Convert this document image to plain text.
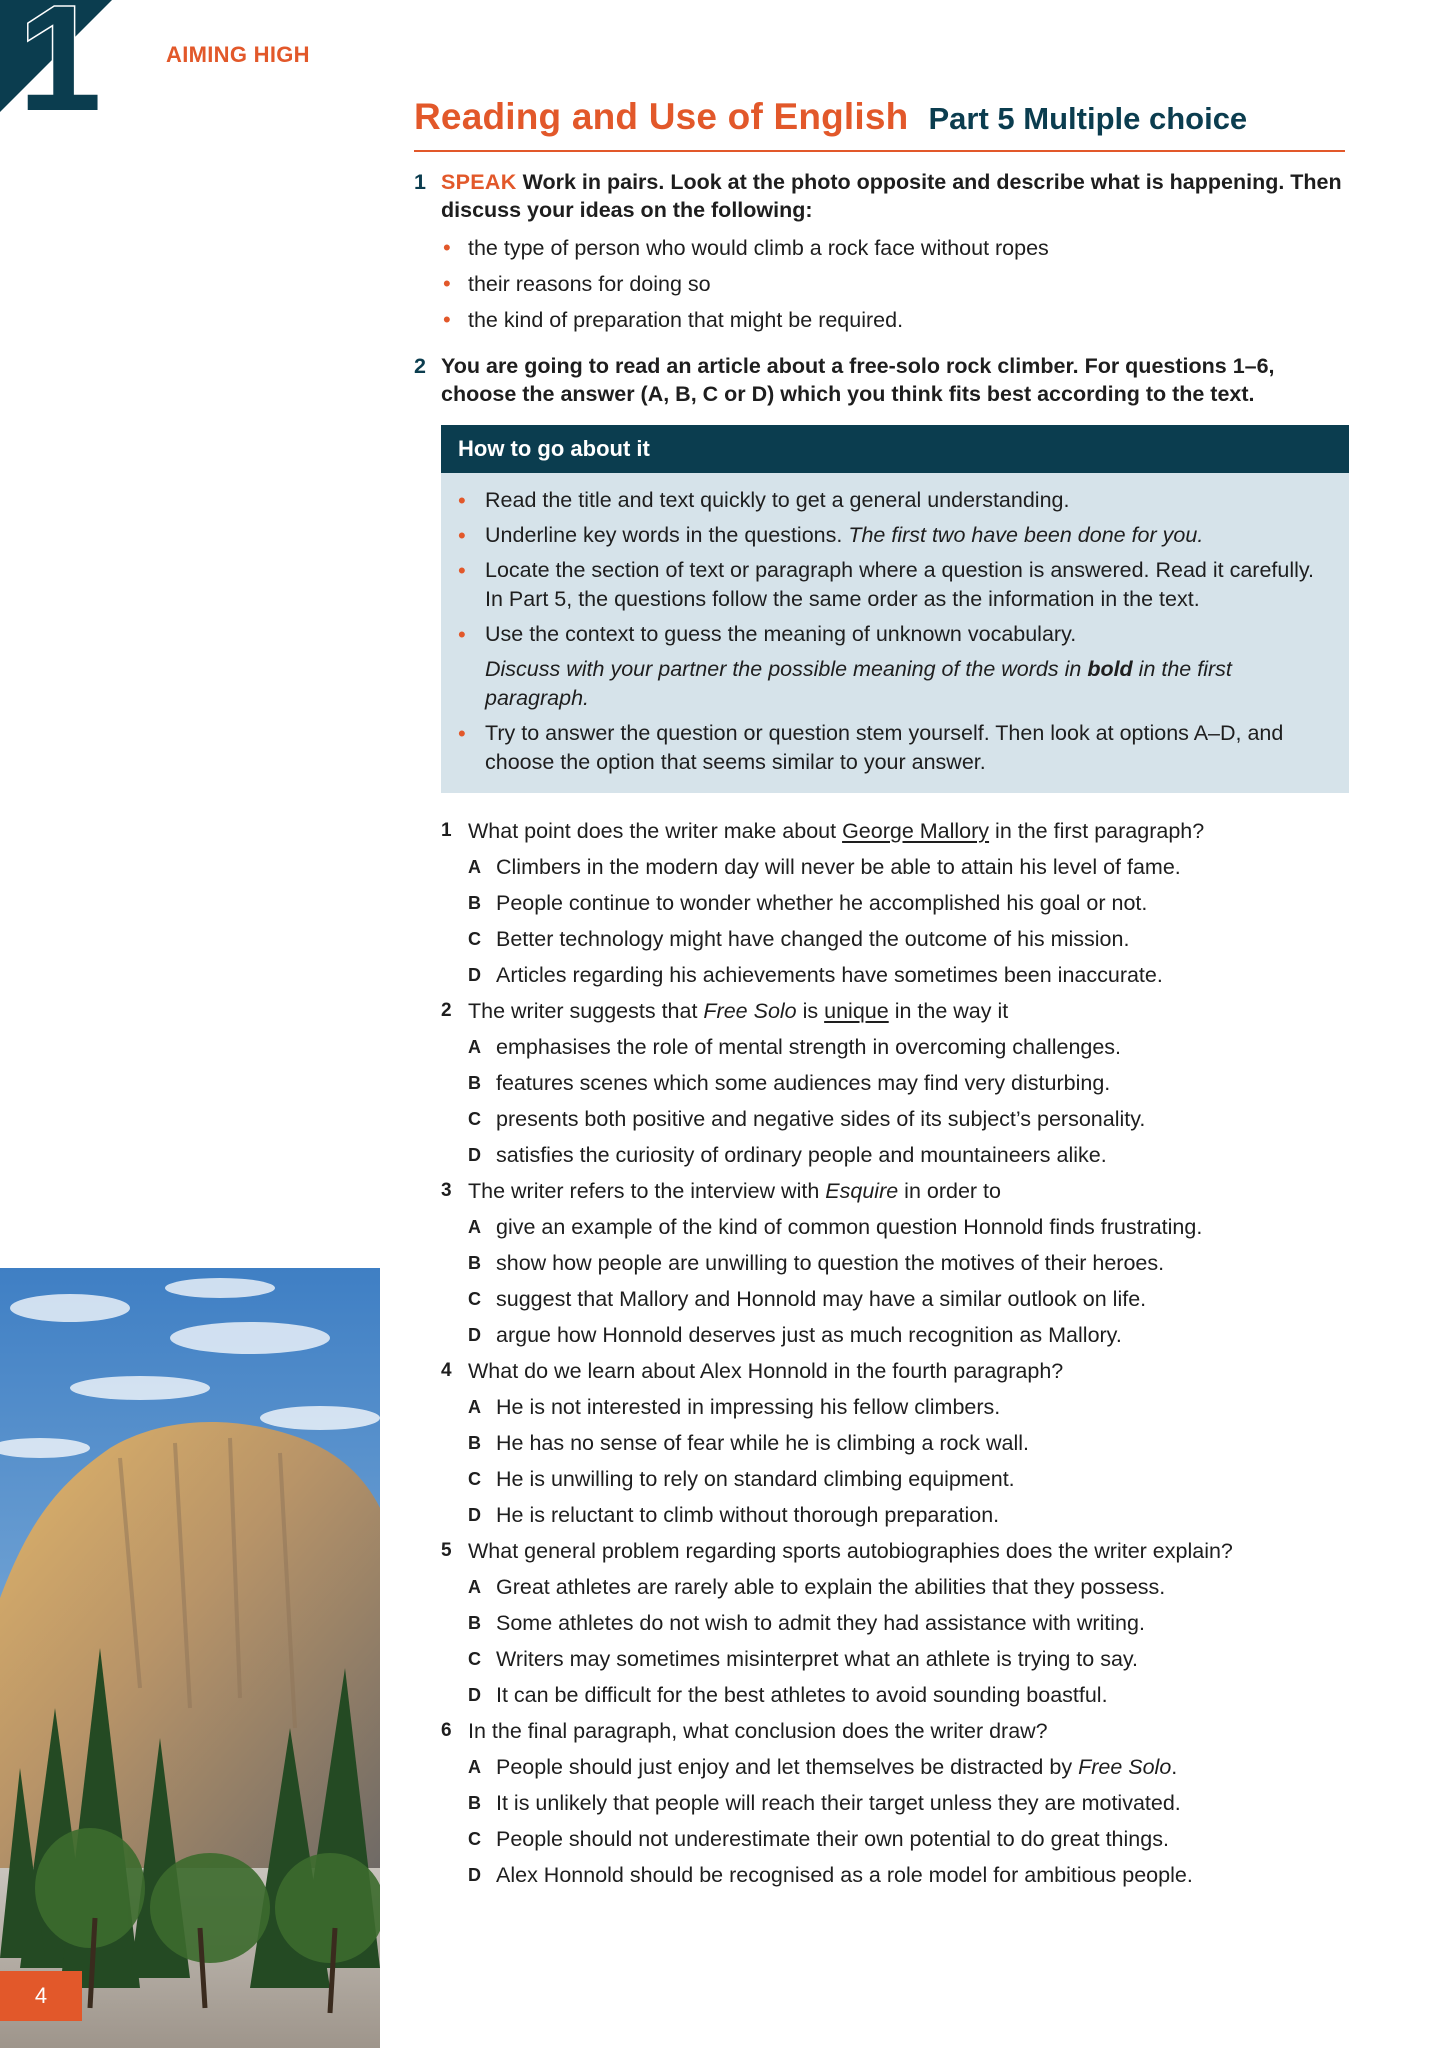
1	AIMING HIGH
Reading and Use of English Part 5 Multiple choice
1 SPEAK Work in pairs. Look at the photo opposite and describe what is happening. Then discuss your ideas on the following:
• the type of person who would climb a rock face without ropes
• their reasons for doing so
• the kind of preparation that might be required.
2 You are going to read an article about a free-solo rock climber. For questions 1–6, choose the answer (A, B, C or D) which you think fits best according to the text.
How to go about it
• Read the title and text quickly to get a general understanding.
• Underline key words in the questions. The first two have been done for you.
• Locate the section of text or paragraph where a question is answered. Read it carefully. In Part 5, the questions follow the same order as the information in the text.
• Use the context to guess the meaning of unknown vocabulary.
Discuss with your partner the possible meaning of the words in bold in the first paragraph.
• Try to answer the question or question stem yourself. Then look at options A–D, and choose the option that seems similar to your answer.
1 What point does the writer make about George Mallory in the first paragraph?
A Climbers in the modern day will never be able to attain his level of fame.
B People continue to wonder whether he accomplished his goal or not.
C Better technology might have changed the outcome of his mission.
D Articles regarding his achievements have sometimes been inaccurate.
2 The writer suggests that Free Solo is unique in the way it
A emphasises the role of mental strength in overcoming challenges.
B features scenes which some audiences may find very disturbing.
C presents both positive and negative sides of its subject’s personality.
D satisfies the curiosity of ordinary people and mountaineers alike.
3 The writer refers to the interview with Esquire in order to
A give an example of the kind of common question Honnold finds frustrating.
B show how people are unwilling to question the motives of their heroes.
C suggest that Mallory and Honnold may have a similar outlook on life.
D argue how Honnold deserves just as much recognition as Mallory.
4 What do we learn about Alex Honnold in the fourth paragraph?
A He is not interested in impressing his fellow climbers.
B He has no sense of fear while he is climbing a rock wall.
C He is unwilling to rely on standard climbing equipment.
D He is reluctant to climb without thorough preparation.
5 What general problem regarding sports autobiographies does the writer explain?
A Great athletes are rarely able to explain the abilities that they possess.
B Some athletes do not wish to admit they had assistance with writing.
C Writers may sometimes misinterpret what an athlete is trying to say.
D It can be difficult for the best athletes to avoid sounding boastful.
6 In the final paragraph, what conclusion does the writer draw?
A People should just enjoy and let themselves be distracted by Free Solo.
B It is unlikely that people will reach their target unless they are motivated.
C People should not underestimate their own potential to do great things.
D Alex Honnold should be recognised as a role model for ambitious people.
4
